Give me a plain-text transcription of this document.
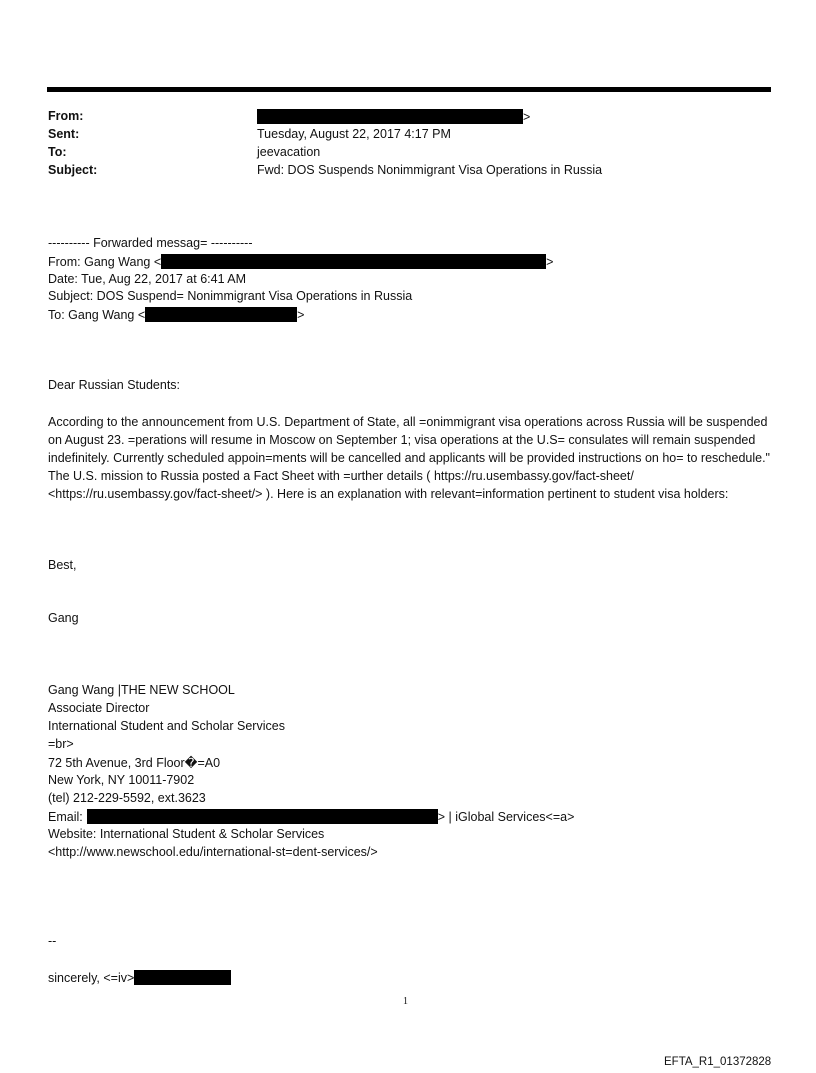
From:	>
Sent:	Tuesday, August 22, 2017 4:17 PM
To:	jeevacation
Subject:	Fwd: DOS Suspends Nonimmigrant Visa Operations in Russia
---------- Forwarded messag= ----------
From: Gang Wang <	>
Date: Tue, Aug 22, 2017 at 6:41 AM
Subject: DOS Suspend= Nonimmigrant Visa Operations in Russia
To: Gang Wang <	>
Dear Russian Students:
According to the announcement from U.S. Department of State, all =onimmigrant visa operations across Russia will be suspended on August 23. =perations will resume in Moscow on September 1; visa operations at the U.S= consulates will remain suspended indefinitely. Currently scheduled appoin=ments will be cancelled and applicants will be provided instructions on ho= to reschedule." The U.S. mission to Russia posted a Fact Sheet with =urther details ( https://ru.usembassy.gov/fact-sheet/ <https://ru.usembassy.gov/fact-sheet/> ). Here is an explanation with relevant=information pertinent to student visa holders:
Best,
Gang
Gang Wang |THE NEW SCHOOL
Associate Director
International Student and Scholar Services
=br>
72 5th Avenue, 3rd Floor�=A0
New York, NY 10011-7902
(tel) 212-229-5592, ext.3623
Email:	> | iGlobal Services<=a>
Website: International Student & Scholar Services
<http://www.newschool.edu/international-st=dent-services/>
--
sincerely, <=iv>
1
EFTA_R1_01372828
